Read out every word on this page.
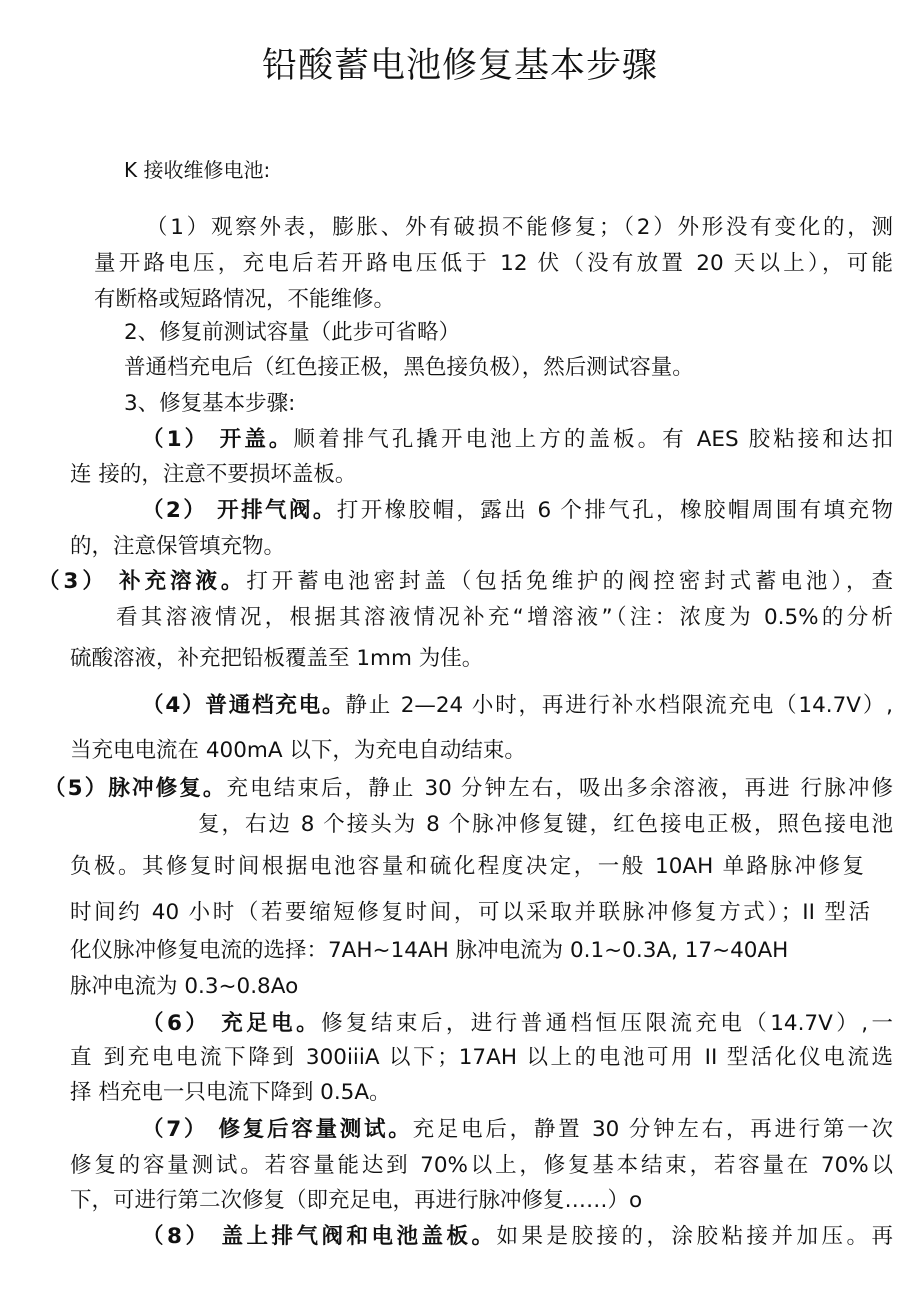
铅酸蓄电池修复基本步骤
K 接收维修电池:
（1）观察外表，膨胀、外有破损不能修复；（2）外形没有变化的，测
量开路电压，充电后若开路电压低于 12 伏（没有放置 20 天以上），可能
有断格或短路情况，不能维修。
2、修复前测试容量（此步可省略）
普通档充电后（红色接正极，黑色接负极），然后测试容量。
3、修复基本步骤:
（1） 开盖。顺着排气孔撬开电池上方的盖板。有 AES 胶粘接和达扣
连 接的，注意不要损坏盖板。
（2） 开排气阀。打开橡胶帽，露出 6 个排气孔，橡胶帽周围有填充物
的，注意保管填充物。
（3） 补充溶液。打开蓄电池密封盖（包括免维护的阀控密封式蓄电池），查
看其溶液情况，根据其溶液情况补充“增溶液”（注：浓度为 0.5%的分析
硫酸溶液，补充把铅板覆盖至 1mm 为佳。
（4）普通档充电。静止 2—24 小时，再进行补水档限流充电（14.7V）,
当充电电流在 400mA 以下，为充电自动结束。
（5）脉冲修复。充电结束后，静止 30 分钟左右，吸出多余溶液，再进 行脉冲修
复，右边 8 个接头为 8 个脉冲修复键，红色接电正极，照色接电池
负极。其修复时间根据电池容量和硫化程度决定，一般 10AH 单路脉冲修复
时间约 40 小时（若要缩短修复时间，可以采取并联脉冲修复方式）；II 型活
化仪脉冲修复电流的选择：7AH~14AH 脉冲电流为 0.1~0.3A, 17~40AH
脉冲电流为 0.3~0.8Ao
（6） 充足电。修复结束后，进行普通档恒压限流充电（14.7V）,一
直 到充电电流下降到 300iiiA 以下；17AH 以上的电池可用 II 型活化仪电流选
择 档充电一只电流下降到 0.5A。
（7） 修复后容量测试。充足电后，静置 30 分钟左右，再进行第一次
修复的容量测试。若容量能达到 70%以上，修复基本结束，若容量在 70%以
下，可进行第二次修复（即充足电，再进行脉冲修复……）o
（8） 盖上排气阀和电池盖板。如果是胶接的，涂胶粘接并加压。再
